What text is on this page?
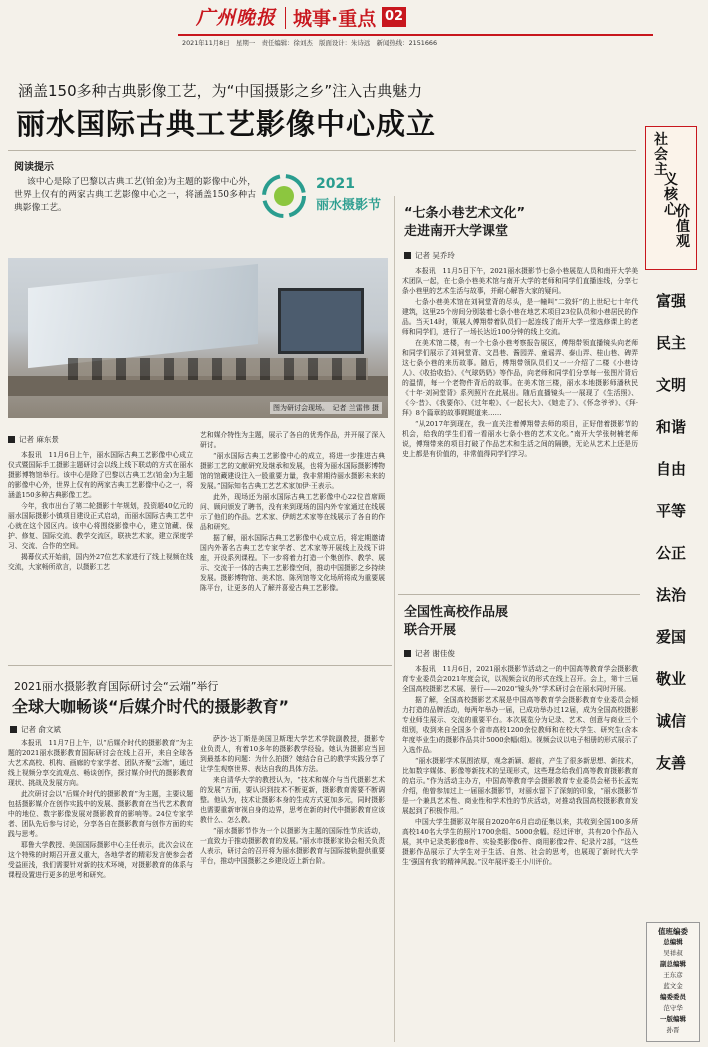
广州晚报 城事·重点 02
2021年11月8日　星期一　责任编辑：徐刘杰　版面设计：朱诗远　新闻热线：2151666
涵盖150多种古典影像工艺，为“中国摄影之乡”注入古典魅力
丽水国际古典工艺影像中心成立
阅读提示
该中心是除了巴黎以古典工艺(铂金)为主题的影像中心外，世界上仅有的两家古典工艺影像中心之一，将涵盖150多种古典影像工艺。
2021
丽水摄影节
图为研讨会现场。　记者 兰雷伟 摄
记者 麻东景

本报讯　11月6日上午，丽水国际古典工艺影像中心成立仪式暨国际手工摄影主题研讨会以线上线下联动的方式在丽水摄影博物馆举行。该中心是除了巴黎以古典工艺(铂金)为主题的影像中心外，世界上仅有的两家古典工艺影像中心之一，将涵盖150多种古典影像工艺。

今年，我市出台了第二轮摄影十年规划，投资超40亿元的丽水国际摄影小镇项目建设正式启动，而丽水国际古典工艺中心就在这个园区内。该中心将围绕影像中心，建立馆藏、保护、修复、国际交流、教学交流区，联袂艺术家，建立深度学习、交流、合作的空间。

揭幕仪式开始前，国内外27位艺术家进行了线上视频在线交流，大家畅所欲言，以摄影工艺

艺和媒介特性为主题，展示了各自的优秀作品，并开展了深入研讨。

“丽水国际古典工艺影像中心的成立，将进一步推进古典摄影工艺的文献研究及继承和发展，也将为丽水国际摄影博物馆的馆藏建设注入一股重要力量，我非常期待丽水摄影未来的发展。”国际知名古典工艺艺术家加伊·王表示。

此外，现场还为丽水国际古典工艺影像中心22位首席顾问、顾问颁发了聘书，没有来到现场的国内外专家通过在线展示了他们的作品。艺术家、伊朗艺术家等在线展示了各自的作品和研究。

据了解，丽水国际古典工艺影像中心成立后，将定期邀请国内外著名古典工艺专家学者、艺术家等开展线上及线下讲座，开设系列课程。下一步将着力打造一个集创作、教学、展示、交流于一体的古典工艺影像空间，推动中国摄影之乡持续发展。摄影博物馆、美术馆、陈列馆等文化场所将成为重要展陈平台，让更多的人了解并喜爱古典工艺影像。

2021丽水摄影教育国际研讨会“云端”举行
全球大咖畅谈“后媒介时代的摄影教育”
记者 俞文斌

本报讯　11月7日上午，以“后媒介时代的摄影教育”为主题的2021丽水摄影教育国际研讨会在线上召开，来自全球各大艺术高校、机构、画廊的专家学者、团队齐聚“云端”，通过线上视频分享交流观点、畅谈创作，探讨媒介时代的摄影教育现状、挑战及发展方向。

此次研讨会以“后媒介时代的摄影教育”为主题，主要议题包括摄影媒介在创作实践中的发展、摄影教育在当代艺术教育中的地位、数字影像发展对摄影教育的影响等。24位专家学者、团队先后参与讨论，分享各自在摄影教育与创作方面的实践与思考。

耶鲁大学教授、美国国际摄影中心主任表示，此次会议在这个特殊的时期召开意义重大，各地学者的精彩发言使参会者受益匪浅，我们需要针对新的技术环境，对摄影教育的体系与课程设置进行更多的思考和研究。

萨沙·达丁斯是美国卫斯理大学艺术学院副教授，摄影专业负责人，有着10多年的摄影教学经验。她认为摄影应当回到最基本的问题：为什么拍摄？她结合自己的教学实践分享了让学生观察世界、表达自我的具体方法。

来自清华大学的教授认为，“技术和媒介与当代摄影艺术的发展”方面，要认识到技术不断更新，摄影教育需要不断调整。他认为，技术让摄影本身的生成方式更加多元，同时摄影也需要重新审视自身的边界，思考在新的时代中摄影教育应该教什么、怎么教。

“丽水摄影节作为一个以摄影为主题的国际性节庆活动，一直致力于推动摄影教育的发展。”丽水市摄影家协会相关负责人表示，研讨会的召开将为丽水摄影教育与国际接轨提供重要平台，推动中国摄影之乡建设迈上新台阶。

“七条小巷艺术文化”
走进南开大学课堂
记者 吴乔玲

本报讯　11月5日下午，2021丽水摄影节七条小巷展览人员和南开大学美术团队一起，在七条小巷美术馆与南开大学的老师和同学们直播连线，分享七条小巷里的艺术生活与故事，并耐心解答大家的疑问。

七条小巷美术馆在刘祠堂背的尽头，是一幢叫“二致轩”的上世纪七十年代建筑，这里25个房间分别装着七条小巷在地艺术项目23位队员和小巷居民的作品。当天14时，策展人傅翔带着队员们一起连线了南开大学一堂选修课上的老师和同学们，进行了一场长达近100分钟的线上交流。

在美术馆二楼，有一个七条小巷考察报告展区，傅翔带领直播镜头向老师和同学们展示了刘祠堂背、文昌巷、酱园弄、童谣弄、泰山弄、桂山巷、碑弄这七条小巷的来历故事。随后，傅翔带领队员们又一一介绍了二楼《小巷诗人》、《收拾收拾》、《气球奶奶》等作品，向老师和同学们分享每一张图片背后的温情，每一个老物件背后的故事。在美术馆三楼，丽水本地摄影师潘秋民《十年·刘祠堂背》系列照片在此展出。随后直播镜头一一展现了《生活照》、《今·昔》、《我要你》、《过年啦》、《一起长大》、《她走了》、《怀念爷爷》、《拜·拜》8个篇章的故事娓娓道来……

“从2017年到现在，我一直关注着傅翔带去师的项目，正好借着摄影节的机会，给我的学生们看一看丽水七条小巷的艺术文化。”南开大学张树楠老师说，傅翔带来的项目打破了作品艺术和生活之间的隔膜，无论从艺术上还是历史上都是有价值的，非常值得同学们学习。

全国性高校作品展
联合开展
记者 谢佳俊

本报讯　11月6日，2021丽水摄影节活动之一的中国高等教育学会摄影教育专业委员会2021年度会议，以视频会议的形式在线上召开。会上，第十三届全国高校摄影艺术展、景行——2020“镜头外”学术研讨会在丽水同时开展。

据了解，全国高校摄影艺术展是中国高等教育学会摄影教育专业委员会倾力打造的品牌活动，每两年举办一届，已成功举办过12届，成为全国高校摄影专业师生展示、交流的重要平台。本次展览分为记录、艺术、创意与商业三个组别，收到来自全国多个省市高校1200余位教师和在校大学生、研究生(含本年度毕业生)的摄影作品共计5000余幅(组)。视频会议以电子相册的形式展示了入选作品。

“丽水摄影学术氛围浓厚，观念新颖、超前，产生了很多新思想、新技术，比如数字媒体、影像等新技术的呈现形式，这些理念给我们高等教育摄影教育的启示。”作为活动主办方，中国高等教育学会摄影教育专业委员会秘书长孟宪介绍，他曾参加过上一届丽水摄影节，对丽水留下了深刻的印象，“丽水摄影节是一个兼具艺术性、商业性和学术性的节庆活动，对推动我国高校摄影教育发展起到了积极作用。”

中国大学生摄影双年展自2020年6月启动征集以来，共收到全国100多所高校140名大学生的照片1700余组、5000余幅。经过评审，共有20个作品入展，其中记录类影像8件、实验类影像6件、商用影像2件、纪录片2部，“这些摄影作品展示了大学生对于生活、自然、社会的思考，也展现了新时代大学生‘强国有我’的精神风貌。”汉年展评委王小川评价。

社
会
主
义
核
心
价
值
观
富强
民主
文明
和谐
自由
平等
公正
法治
爱国
敬业
诚信
友善
值班编委
总编辑
吴祥叔
副总编辑
王东彦
蓝文金
编委委员
范守华
一版编辑
孙晋
